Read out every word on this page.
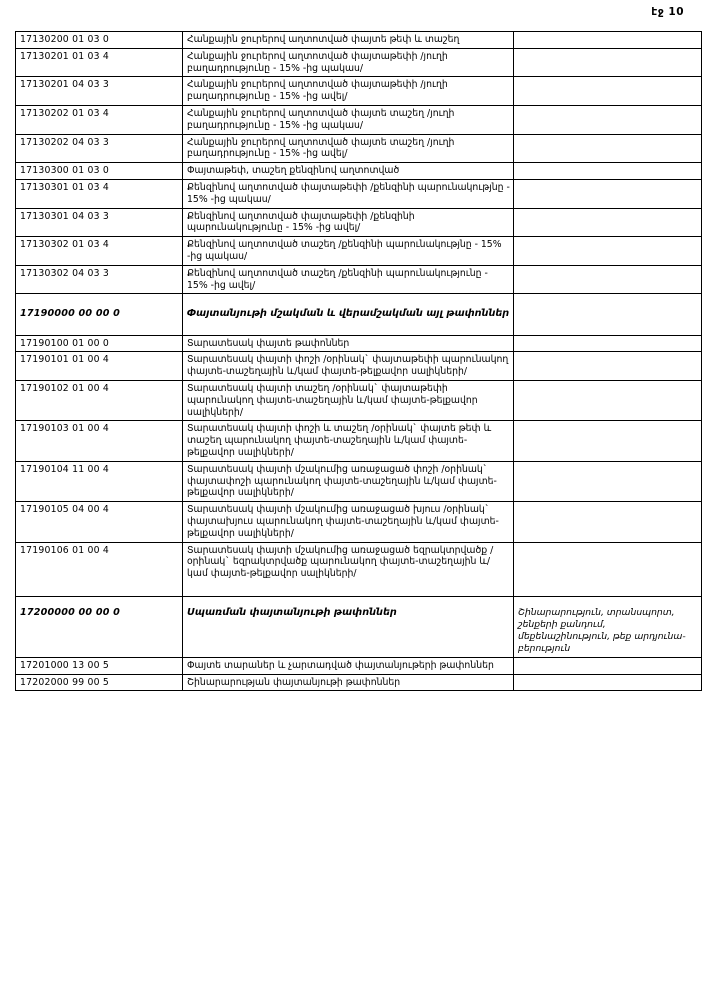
էջ 10
17130200 01 03 0	Հանքային ջուրերով աղտոտված փայտե թեփ և տաշեղ	
17130201 01 03 4	Հանքային ջուրերով աղտոտված փայտաթեփի /յուղի բաղադրությունը - 15% -ից պակաս/	
17130201 04 03 3	Հանքային ջուրերով աղտոտված փայտաթեփի /յուղի բաղադրությունը - 15% -ից ավել/	
17130202 01 03 4	Հանքային ջուրերով աղտոտված փայտե տաշեղ /յուղի բաղադրությունը - 15% -ից պակաս/	
17130202 04 03 3	Հանքային ջուրերով աղտոտված փայտե տաշեղ /յուղի բաղադրությունը - 15% -ից ավել/	
17130300 01 03 0	Փայտաթեփ, տաշեղ քենզինով աղտոտված	
17130301 01 03 4	Քենզինով աղտոտված փայտաթեփի /քենզինի պարունակությնը - 15% -ից պակաս/	
17130301 04 03 3	Քենզինով աղտոտված փայտաթեփի /քենզինի պարունակությունը - 15% -ից ավել/	
17130302 01 03 4	Քենզինով աղտոտված տաշեղ /քենզինի պարունակությնը - 15% -ից պակաս/	
17130302 04 03 3	Քենզինով աղտոտված տաշեղ /քենզինի պարունակությունը - 15% -ից ավել/	
17190000 00 00 0	Փայտանյութի մշակման և վերամշակման այլ թափոններ	
17190100 01 00 0	Տարատեսակ փայտե թափոններ	
17190101 01 00 4	Տարատեսակ փայտի փոշի /օրինակ` փայտաթեփի պարունակող փայտե-տաշեղային և/կամ փայտե-թելքավոր սալիկների/	
17190102 01 00 4	Տարատեսակ փայտի տաշեղ /օրինակ` փայտաթեփի պարունակող փայտե-տաշեղային և/կամ փայտե-թելքավոր սալիկների/	
17190103 01 00 4	Տարատեսակ փայտի փոշի և տաշեղ /օրինակ` փայտե թեփ և տաշեղ պարունակող փայտե-տաշեղային և/կամ փայտե-թելքավոր սալիկների/	
17190104 11 00 4	Տարատեսակ փայտի մշակումից առաջացած փոշի /օրինակ` փայտափոշի պարունակող փայտե-տաշեղային և/կամ փայտե-թելքավոր սալիկների/	
17190105 04 00 4	Տարատեսակ փայտի մշակումից առաջացած խյուս /օրինակ` փայտախյուս պարունակող փայտե-տաշեղային և/կամ փայտե-թելքավոր սալիկների/	
17190106 01 00 4	Տարատեսակ փայտի մշակումից առաջացած եզրակտրվածք /օրինակ` եզրակտրվածք պարունակող փայտե-տաշեղային և/կամ փայտե-թելքավոր սալիկների/	
17200000 00 00 0	Սպառման փայտանյութի թափոններ	Շինարարություն, տրանսպորտ, շենքերի քանդում, մեքենաշինություն, թեք արդյունա-բերություն
17201000 13 00 5	Փայտե տարաներ և չարտադված փայտանյութերի թափոններ	
17202000 99 00 5	Շինարարության փայտանյութի թափոններ	
